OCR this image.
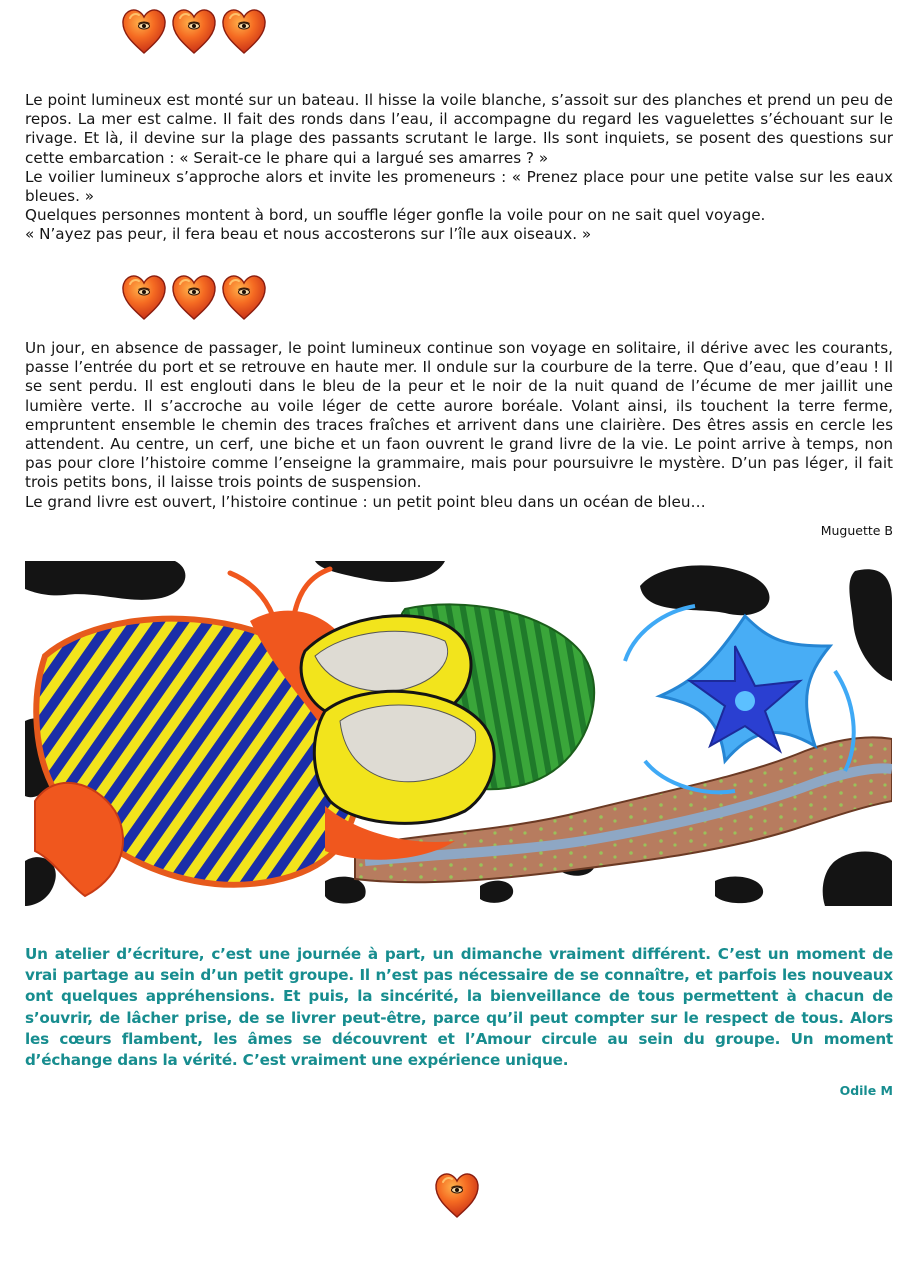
Le point lumineux est monté sur un bateau. Il hisse la voile blanche, s’assoit sur des planches et prend un peu de repos. La mer est calme. Il fait des ronds dans l’eau, il accompagne du regard les vaguelettes s’échouant sur le rivage. Et là, il devine sur la plage des passants scrutant le large. Ils sont inquiets, se posent des questions sur cette embarcation : « Serait-ce le phare qui a largué ses amarres ? »

Le voilier lumineux s’approche alors et invite les promeneurs : « Prenez place pour une petite valse sur les eaux bleues. »

Quelques personnes montent à bord, un souffle léger gonfle la voile pour on ne sait quel voyage.

« N’ayez pas peur, il fera beau et nous accosterons sur l’île aux oiseaux. »

Un jour, en absence de passager, le point lumineux continue son voyage en solitaire, il dérive avec les courants, passe l’entrée du port et se retrouve en haute mer. Il ondule sur la courbure de la terre. Que d’eau, que d’eau ! Il se sent perdu. Il est englouti dans le bleu de la peur et le noir de la nuit quand de l’écume de mer jaillit une lumière verte. Il s’accroche au voile léger de cette aurore boréale. Volant ainsi, ils touchent la terre ferme, empruntent ensemble le chemin des traces fraîches et arrivent dans une clairière. Des êtres assis en cercle les attendent. Au centre, un cerf, une biche et un faon ouvrent le grand livre de la vie. Le point arrive à temps, non pas pour clore l’histoire comme l’enseigne la grammaire, mais pour poursuivre le mystère. D’un pas léger, il fait trois petits bons, il laisse trois points de suspension.

Le grand livre est ouvert, l’histoire continue : un petit point bleu dans un océan de bleu…

Muguette B
Un atelier d’écriture, c’est une journée à part, un dimanche vraiment différent. C’est un moment de vrai partage au sein d’un petit groupe. Il n’est pas nécessaire de se connaître, et parfois les nouveaux ont quelques appréhensions. Et puis, la sincérité, la bienveillance de tous permettent à chacun de s’ouvrir, de lâcher prise, de se livrer peut-être, parce qu’il peut compter sur le respect de tous. Alors les cœurs flambent, les âmes se découvrent et l’Amour circule au sein du groupe. Un moment d’échange dans la vérité. C’est vraiment une expérience unique.
Odile M
